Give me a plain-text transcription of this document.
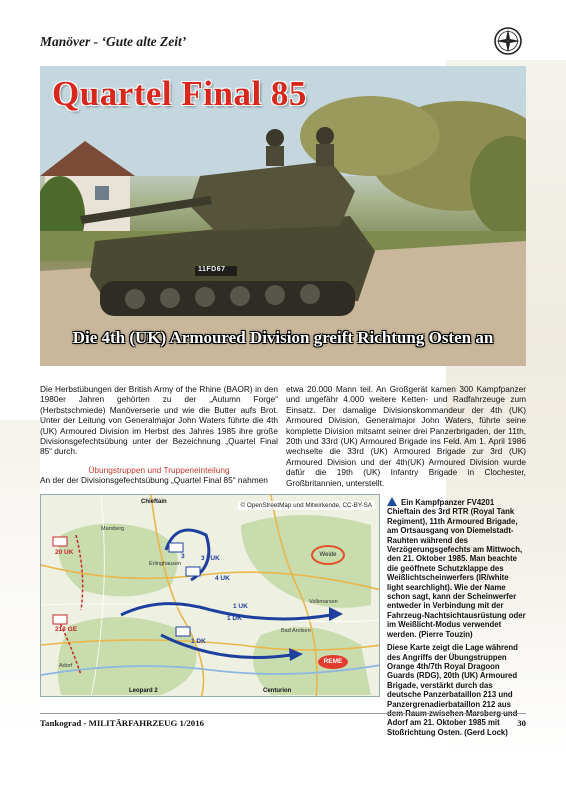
Manöver - ‘Gute alte Zeit’
Quartel Final 85
11FD67
Die 4th (UK) Armoured Division greift Richtung Osten an

Die Herbstübungen der British Army of the Rhine (BAOR) in den 1980er Jahren gehörten zu der „Autumn Forge“ (Herbstschmiede) Manöverserie und wie die Butter aufs Brot. Unter der Leitung von Generalmajor John Waters führte die 4th (UK) Armoured Division im Herbst des Jahres 1985 ihre große Divisionsgefechtsübung unter der Bezeichnung „Quartel Final 85“ durch.

Übungstruppen und Truppeneinteilung

An der der Divisionsgefechtsübung „Quartel Final 85“ nahmen

etwa 20.000 Mann teil. An Großgerät kamen 300 Kampfpanzer und ungefähr 4.000 weitere Ketten- und Radfahrzeuge zum Einsatz. Der damalige Divisionskommandeur der 4th (UK) Armoured Division, Generalmajor John Waters, führte seine komplette Division mitsamt seiner drei Panzerbrigaden, der 11th, 20th und 33rd (UK) Armoured Brigade ins Feld. Am 1. April 1986 wechselte die 33rd (UK) Armoured Brigade zur 3rd (UK) Armoured Division und der 4th(UK) Armoured Division wurde dafür die 19th (UK) Infantry Brigade in Clochester, Großbritannien, unterstellt.

© OpenStreetMap und Mitwirkende, CC-BY-SA
Chieftain
Leopard 2	Centurion
Marsberg
Erlinghausen
Volkmarsen
Bad Arolsen
Adorf
20 UK
3	3 TUK
4 UK
213 GE
1 DK
1 UK
1 DK
Weide
REME

Ein Kampfpanzer FV4201 Chieftain des 3rd RTR (Royal Tank Regiment), 11th Armoured Brigade, am Ortsausgang von Diemelstadt-Rauhten während des Verzögerungsgefechts am Mittwoch, den 21. Oktober 1985. Man beachte die geöffnete Schutzklappe des Weißlichtscheinwerfers (IR/white light searchlight). Wie der Name schon sagt, kann der Scheinwerfer entweder in Verbindung mit der Fahrzeug-Nachtsichtausrüstung oder im Weißlicht-Modus verwendet werden. (Pierre Touzin)

Diese Karte zeigt die Lage während des Angriffs der Übungstruppen Orange 4th/7th Royal Dragoon Guards (RDG), 20th (UK) Armoured Brigade, verstärkt durch das deutsche Panzerbataillon 213 und Panzergrenadierbataillon 212 aus dem Raum zwischen Marsberg und Adorf am 21. Oktober 1985 mit Stoßrichtung Osten. (Gerd Lock)

Tankograd - MILITÄRFAHRZEUG 1/2016	30
